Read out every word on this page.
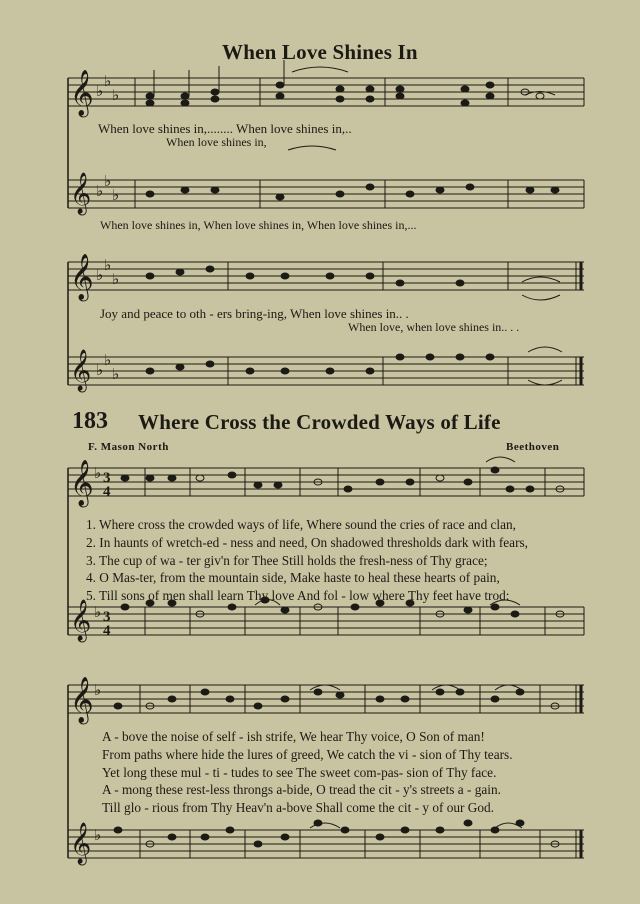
When Love Shines In
𝄞
𝄞
𝄞
𝄞
𝄞
𝄞
𝄞
𝄞
♭
♭
♭
♭
♭
♭
♭
♭
♭
♭
♭
♭
♭
♭
♭
♭
3
4
3
4
When love shines in,........ When love shines in,..
When love shines in,
When love shines in, When love shines in, When love shines in,...
Joy and peace to oth - ers bring-ing, When love shines in.. .
When love, when love shines in.. . .
183 Where Cross the Crowded Ways of Life
F. Mason North	Beethoven
1. Where cross the crowded ways of life, Where sound the cries of race and clan,
2. In haunts of wretch-ed - ness and need, On shadowed thresholds dark with fears,
3. The cup of wa - ter giv'n for Thee Still holds the fresh-ness of Thy grace;
4. O Mas-ter, from the mountain side, Make haste to heal these hearts of pain,
5. Till sons of men shall learn Thy love And fol - low where Thy feet have trod:
A - bove the noise of self - ish strife, We hear Thy voice, O Son of man!
From paths where hide the lures of greed, We catch the vi - sion of Thy tears.
Yet long these mul - ti - tudes to see The sweet com-pas- sion of Thy face.
A - mong these rest-less throngs a-bide, O tread the cit - y's streets a - gain.
Till glo - rious from Thy Heav'n a-bove Shall come the cit - y of our God.
